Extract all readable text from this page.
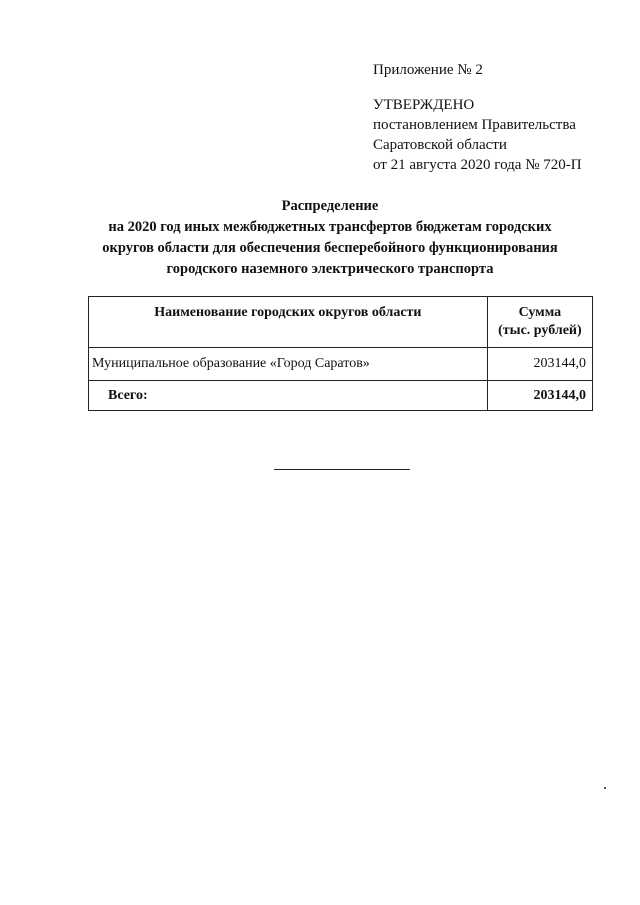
Приложение № 2
УТВЕРЖДЕНО
постановлением Правительства
Саратовской области
от 21 августа 2020 года № 720-П
Распределение
на 2020 год иных межбюджетных трансфертов бюджетам городских
округов области для обеспечения бесперебойного функционирования
городского наземного электрического транспорта
Наименование городских округов области	Сумма
(тыс. рублей)

Муниципальное образование «Город Саратов»	203144,0
Всего:	203144,0
